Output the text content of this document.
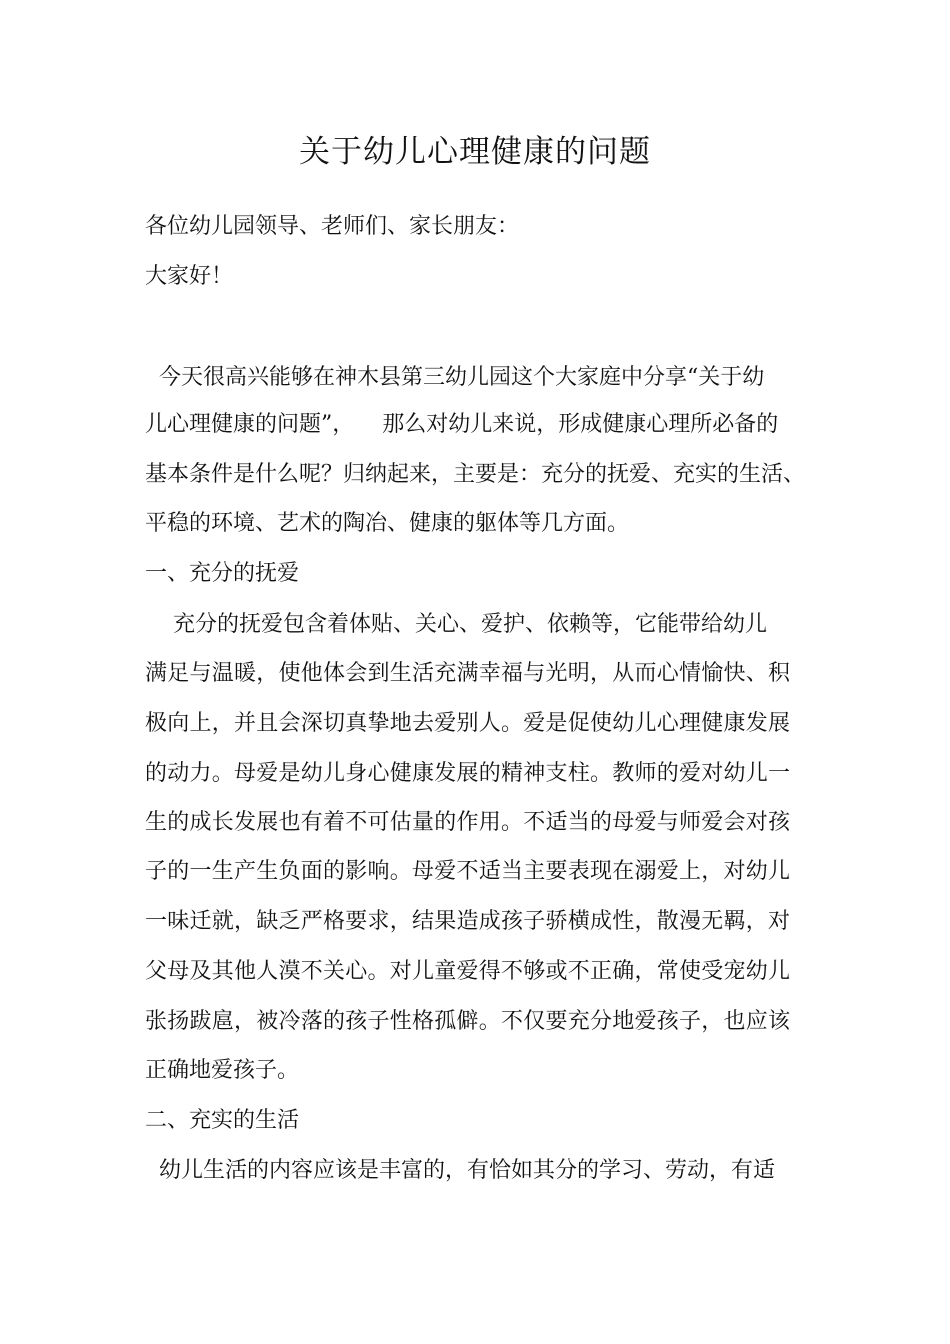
关于幼儿心理健康的问题
各位幼儿园领导、老师们、家长朋友：
大家好！
今天很高兴能够在神木县第三幼儿园这个大家庭中分享“关于幼
儿心理健康的问题”，    那么对幼儿来说，形成健康心理所必备的
基本条件是什么呢？归纳起来，主要是：充分的抚爱、充实的生活、
平稳的环境、艺术的陶冶、健康的躯体等几方面。
一、充分的抚爱
充分的抚爱包含着体贴、关心、爱护、依赖等，它能带给幼儿
满足与温暖，使他体会到生活充满幸福与光明，从而心情愉快、积
极向上，并且会深切真挚地去爱别人。爱是促使幼儿心理健康发展
的动力。母爱是幼儿身心健康发展的精神支柱。教师的爱对幼儿一
生的成长发展也有着不可估量的作用。不适当的母爱与师爱会对孩
子的一生产生负面的影响。母爱不适当主要表现在溺爱上，对幼儿
一味迁就，缺乏严格要求，结果造成孩子骄横成性，散漫无羁，对
父母及其他人漠不关心。对儿童爱得不够或不正确，常使受宠幼儿
张扬跋扈，被冷落的孩子性格孤僻。不仅要充分地爱孩子，也应该
正确地爱孩子。
二、充实的生活
幼儿生活的内容应该是丰富的，有恰如其分的学习、劳动，有适
